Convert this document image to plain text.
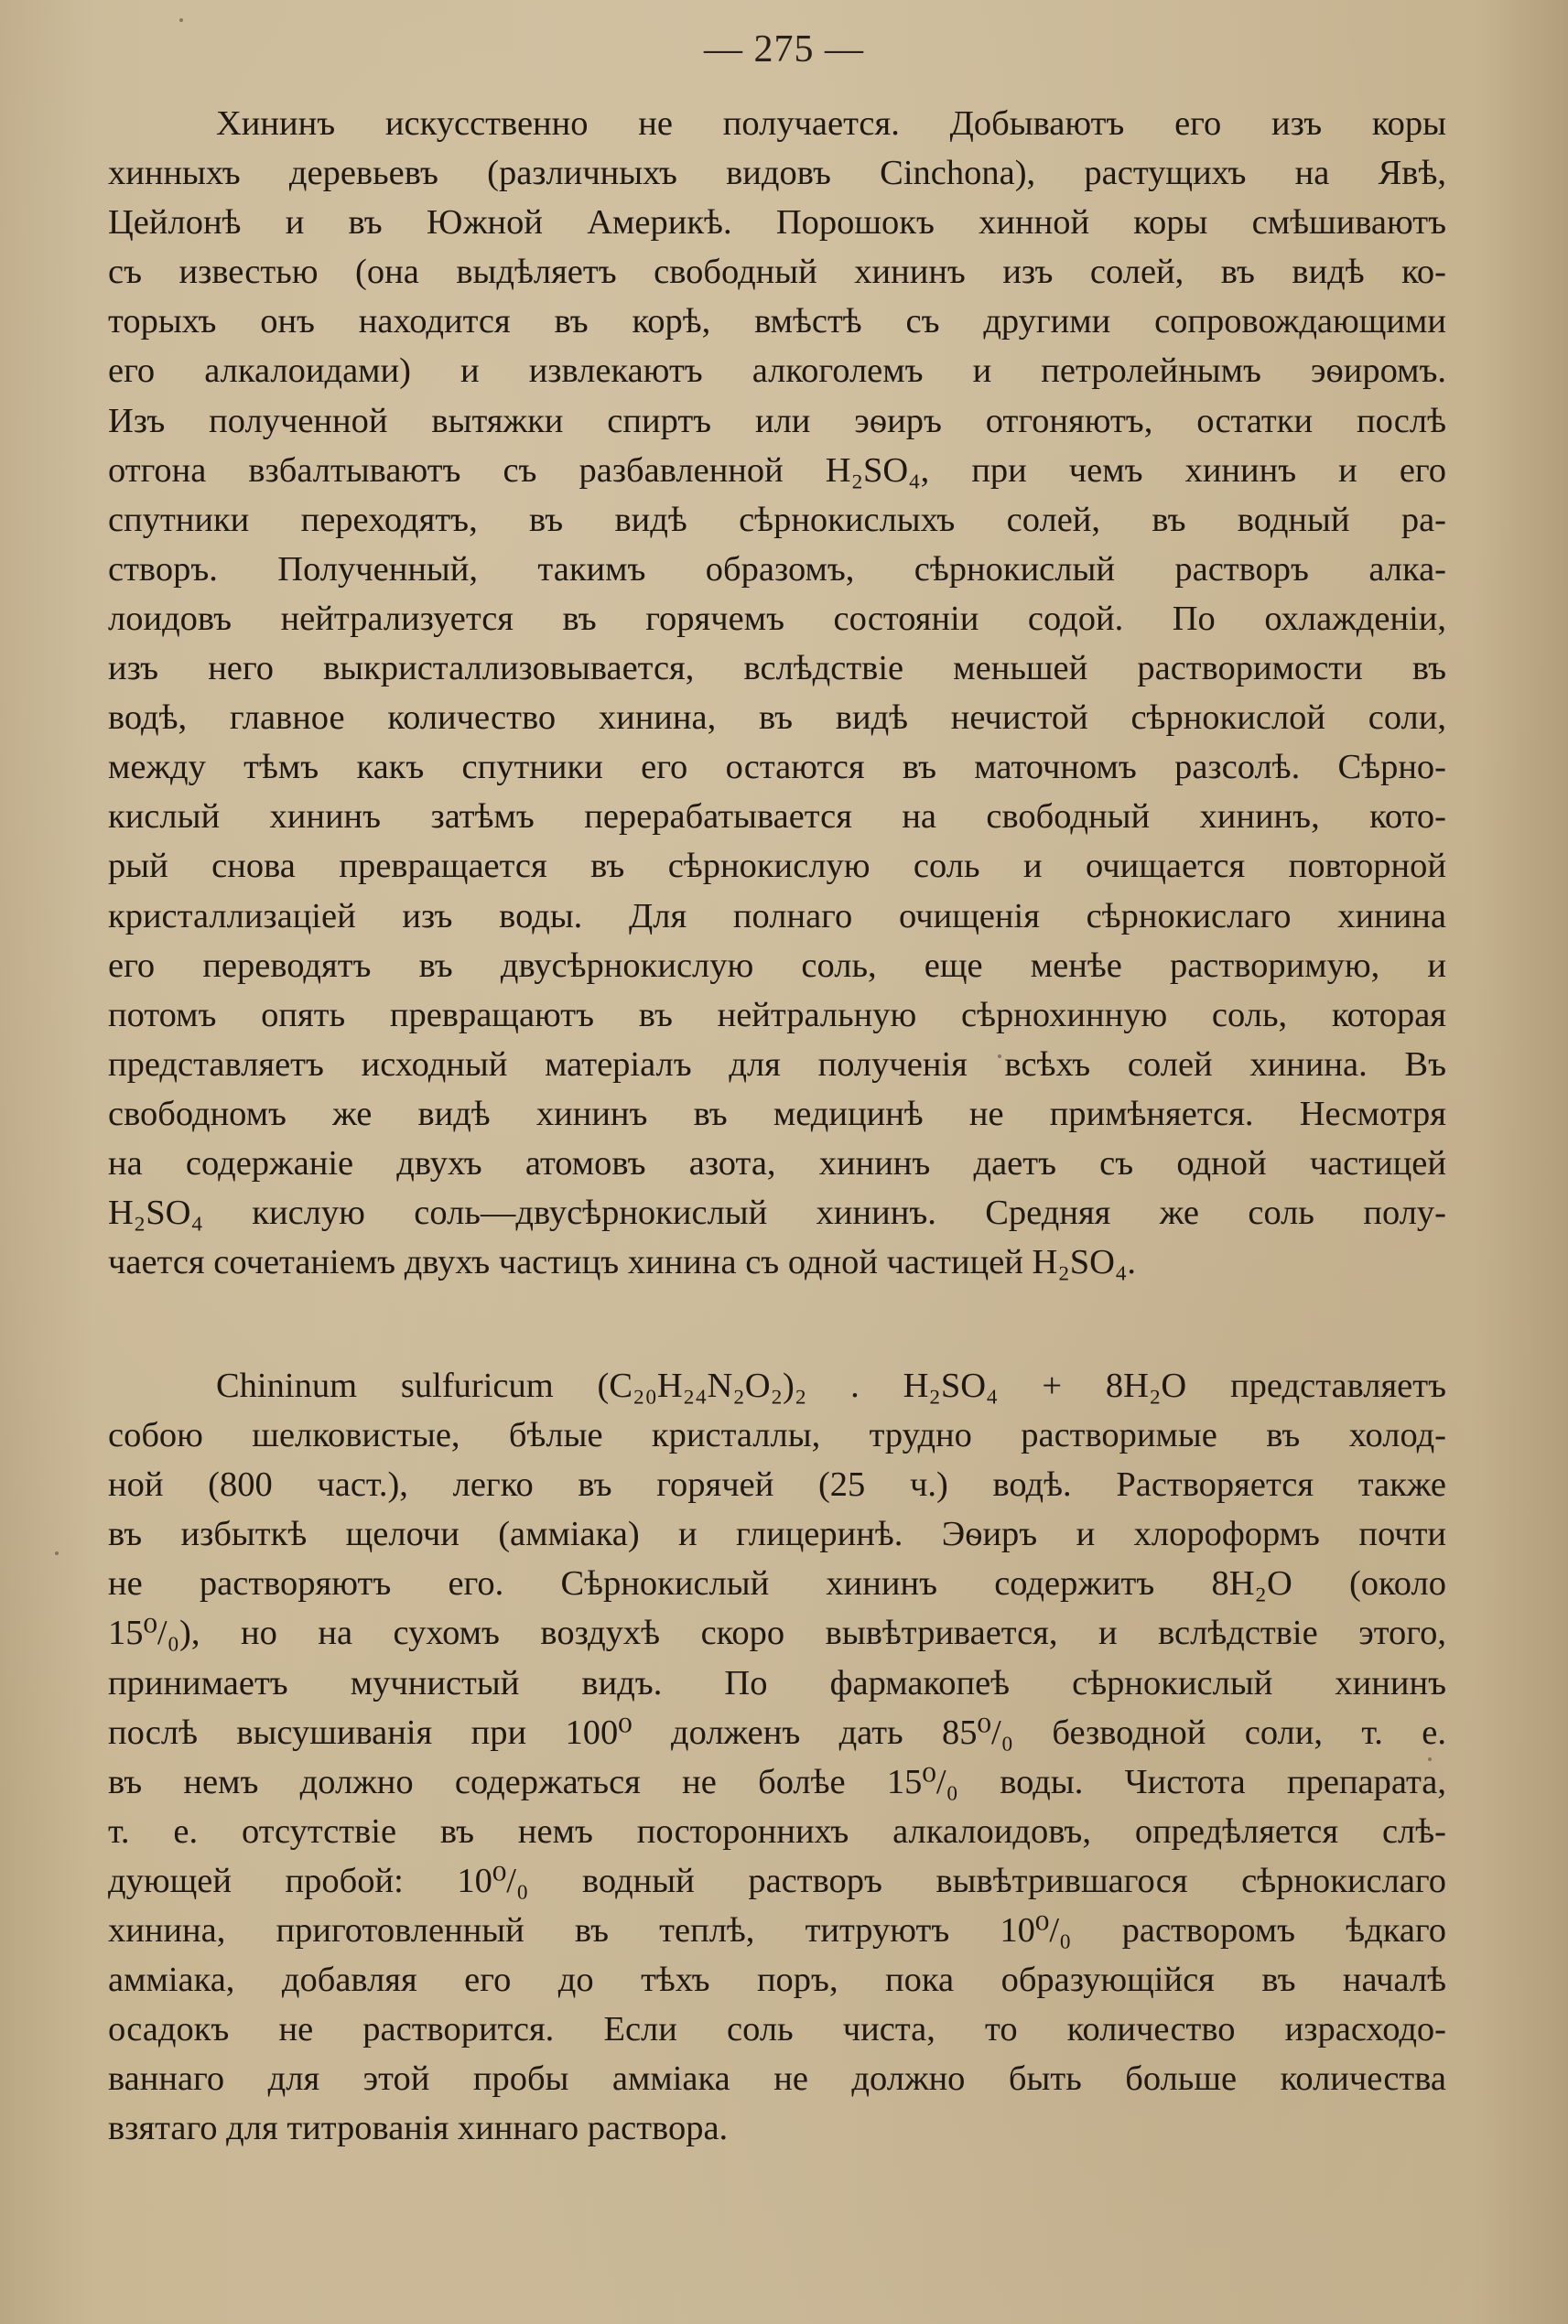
— 275 —
Хининъ искусственно не получается. Добываютъ его изъ коры
хинныхъ деревьевъ (различныхъ видовъ Cinchona), растущихъ на Явѣ,
Цейлонѣ и въ Южной Америкѣ. Порошокъ хинной коры смѣшиваютъ
съ известью (она выдѣляетъ свободный хининъ изъ солей, въ видѣ ко-
торыхъ онъ находится въ корѣ, вмѣстѣ съ другими сопровождающими
его алкалоидами) и извлекаютъ алкоголемъ и петролейнымъ эѳиромъ.
Изъ полученной вытяжки спиртъ или эѳиръ отгоняютъ, остатки послѣ
отгона взбалтываютъ съ разбавленной H₂SO₄, при чемъ хининъ и его
спутники переходятъ, въ видѣ сѣрнокислыхъ солей, въ водный ра-
створъ. Полученный, такимъ образомъ, сѣрнокислый растворъ алка-
лоидовъ нейтрализуется въ горячемъ состояніи содой. По охлажденіи,
изъ него выкристаллизовывается, вслѣдствіе меньшей растворимости въ
водѣ, главное количество хинина, въ видѣ нечистой сѣрнокислой соли,
между тѣмъ какъ спутники его остаются въ маточномъ разсолѣ. Сѣрно-
кислый хининъ затѣмъ перерабатывается на свободный хининъ, кото-
рый снова превращается въ сѣрнокислую соль и очищается повторной
кристаллизацiей изъ воды. Для полнаго очищенія сѣрнокислаго хинина
его переводятъ въ двусѣрнокислую соль, еще менѣе растворимую, и
потомъ опять превращаютъ въ нейтральную сѣрнохинную соль, которая
представляетъ исходный матеріалъ для полученія всѣхъ солей хинина. Въ
свободномъ же видѣ хининъ въ медицинѣ не примѣняется. Несмотря
на содержаніе двухъ атомовъ азота, хининъ даетъ съ одной частицей
H₂SO₄ кислую соль—двусѣрнокислый хининъ. Средняя же соль полу-
чается сочетаніемъ двухъ частицъ хинина съ одной частицей H₂SO₄.
Chininum sulfuricum (C₂₀H₂₄N₂O₂)₂ . H₂SO₄ + 8H₂O представляетъ
собою шелковистые, бѣлые кристаллы, трудно растворимые въ холод-
ной (800 част.), легко въ горячей (25 ч.) водѣ. Растворяется также
въ избыткѣ щелочи (амміака) и глицеринѣ. Эѳиръ и хлороформъ почти
не растворяютъ его. Сѣрнокислый хининъ содержитъ 8H₂O (около
15⁰/₀), но на сухомъ воздухѣ скоро вывѣтривается, и вслѣдствіе этого,
принимаетъ мучнистый видъ. По фармакопеѣ сѣрнокислый хининъ
послѣ высушиванія при 100⁰ долженъ дать 85⁰/₀ безводной соли, т. е.
въ немъ должно содержаться не болѣе 15⁰/₀ воды. Чистота препарата,
т. е. отсутствіе въ немъ постороннихъ алкалоидовъ, опредѣляется слѣ-
дующей пробой: 10⁰/₀ водный растворъ вывѣтрившагося сѣрнокислаго
хинина, приготовленный въ теплѣ, титруютъ 10⁰/₀ растворомъ ѣдкаго
амміака, добавляя его до тѣхъ поръ, пока образующійся въ началѣ
осадокъ не растворится. Если соль чиста, то количество израсходо-
ваннаго для этой пробы амміака не должно быть больше количества
взятаго для титрованія хиннаго раствора.
